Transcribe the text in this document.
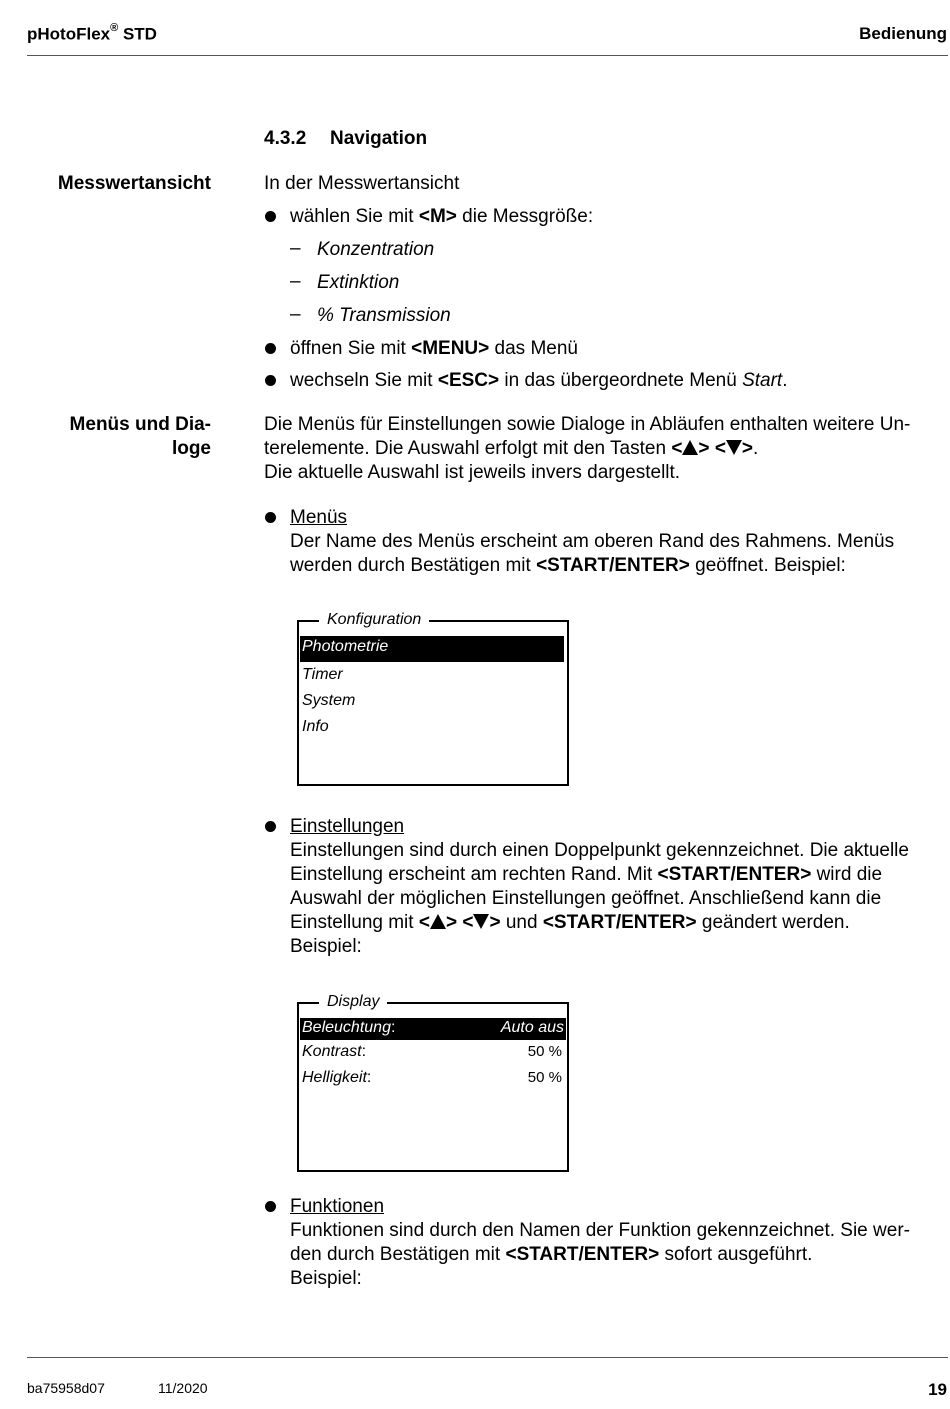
pHotoFlex® STD	Bedienung
4.3.2 Navigation
Messwertansicht	In der Messwertansicht
wählen Sie mit <M> die Messgröße:
– Konzentration
– Extinktion
– % Transmission
öffnen Sie mit <MENU> das Menü
wechseln Sie mit <ESC> in das übergeordnete Menü Start.
Menüs und Dia-
loge
Die Menüs für Einstellungen sowie Dialoge in Abläufen enthalten weitere Un-
terelemente. Die Auswahl erfolgt mit den Tasten < > < >.
Die aktuelle Auswahl ist jeweils invers dargestellt.
Menüs
Der Name des Menüs erscheint am oberen Rand des Rahmens. Menüs
werden durch Bestätigen mit <START/ENTER> geöffnet. Beispiel:
Konfiguration
Photometrie
Timer
System
Info
Einstellungen
Einstellungen sind durch einen Doppelpunkt gekennzeichnet. Die aktuelle
Einstellung erscheint am rechten Rand. Mit <START/ENTER> wird die
Auswahl der möglichen Einstellungen geöffnet. Anschließend kann die
Einstellung mit < > < > und <START/ENTER> geändert werden.
Beispiel:
Display
Beleuchtung:	Auto aus
Kontrast:	50 %
Helligkeit:	50 %
Funktionen
Funktionen sind durch den Namen der Funktion gekennzeichnet. Sie wer-
den durch Bestätigen mit <START/ENTER> sofort ausgeführt.
Beispiel:
ba75958d07	11/2020	19
